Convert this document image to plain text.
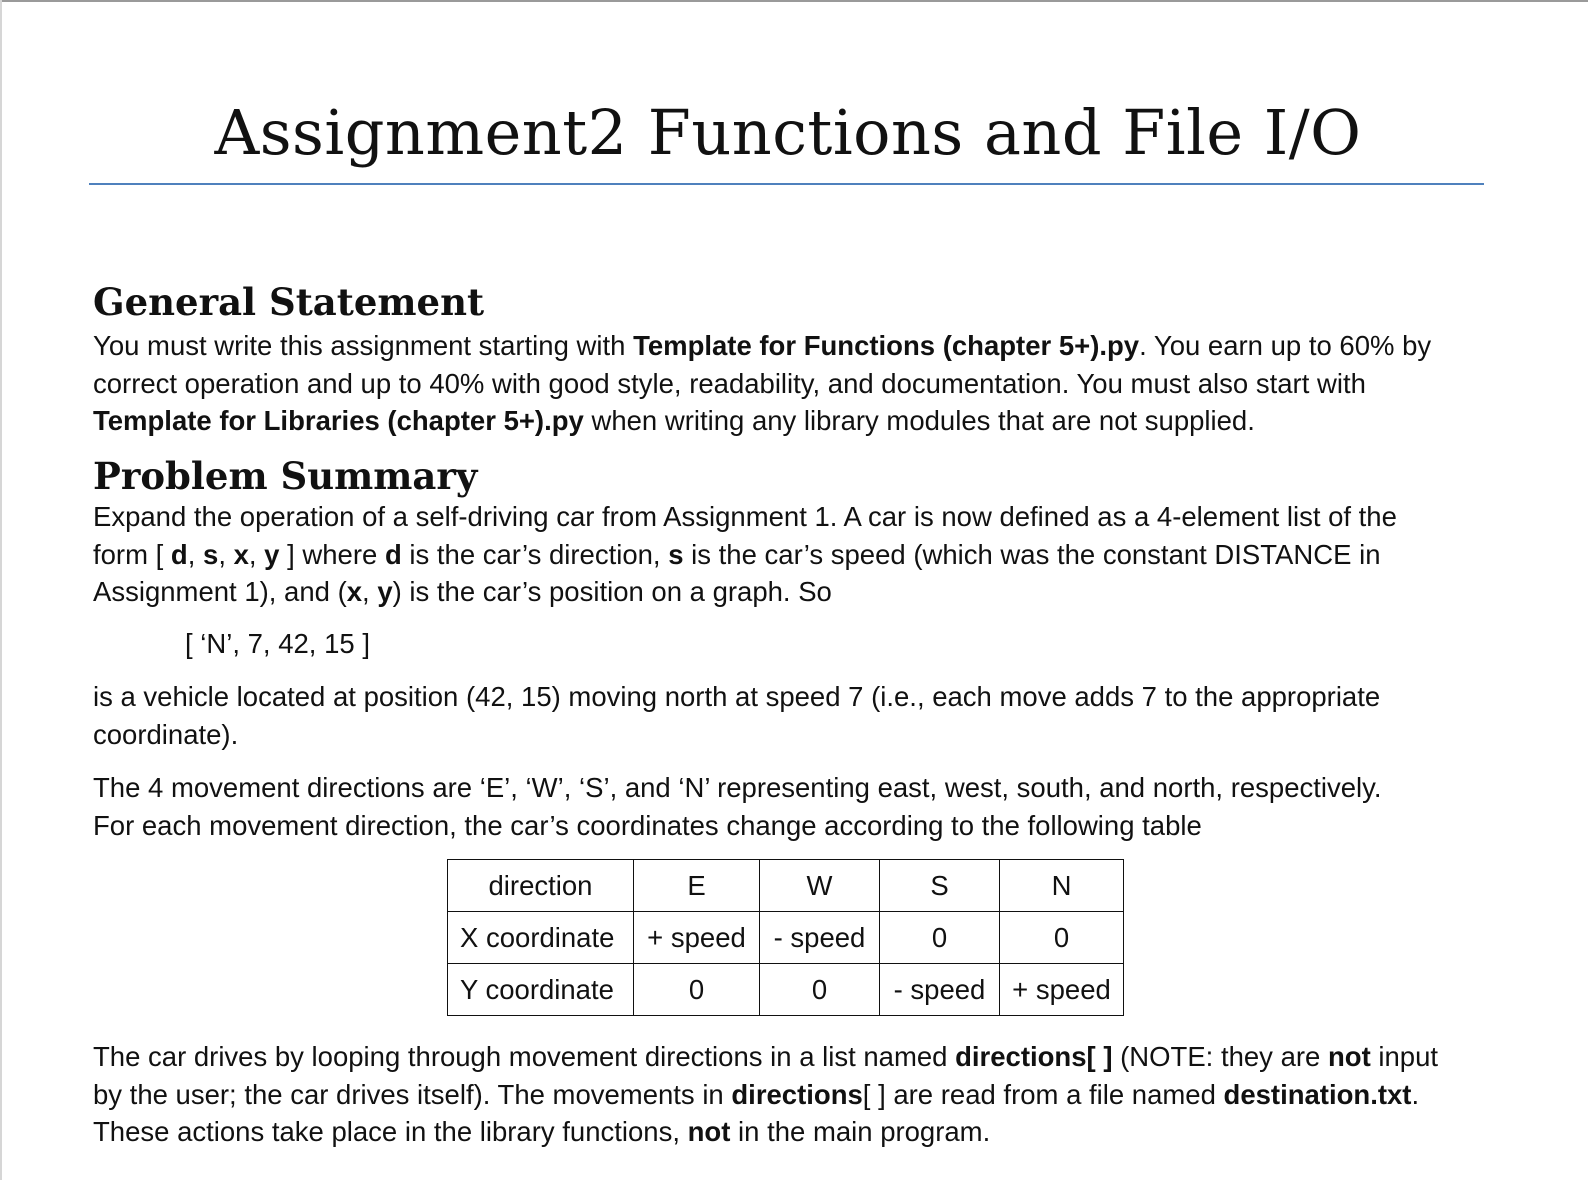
Assignment2 Functions and File I/O
General Statement

You must write this assignment starting with Template for Functions (chapter 5+).py. You earn up to 60% by
correct operation and up to 40% with good style, readability, and documentation. You must also start with
Template for Libraries (chapter 5+).py when writing any library modules that are not supplied.

Problem Summary

Expand the operation of a self-driving car from Assignment 1. A car is now defined as a 4-element list of the
form [ d, s, x, y ] where d is the car’s direction, s is the car’s speed (which was the constant DISTANCE in
Assignment 1), and (x, y) is the car’s position on a graph. So

[ ‘N’, 7, 42, 15 ]

is a vehicle located at position (42, 15) moving north at speed 7 (i.e., each move adds 7 to the appropriate
coordinate).

The 4 movement directions are ‘E’, ‘W’, ‘S’, and ‘N’ representing east, west, south, and north, respectively.
For each movement direction, the car’s coordinates change according to the following table

direction	E	W	S	N
X coordinate	+ speed	- speed	0	0
Y coordinate	0	0	- speed	+ speed

The car drives by looping through movement directions in a list named directions[ ] (NOTE: they are not input
by the user; the car drives itself). The movements in directions[ ] are read from a file named destination.txt.
These actions take place in the library functions, not in the main program.
